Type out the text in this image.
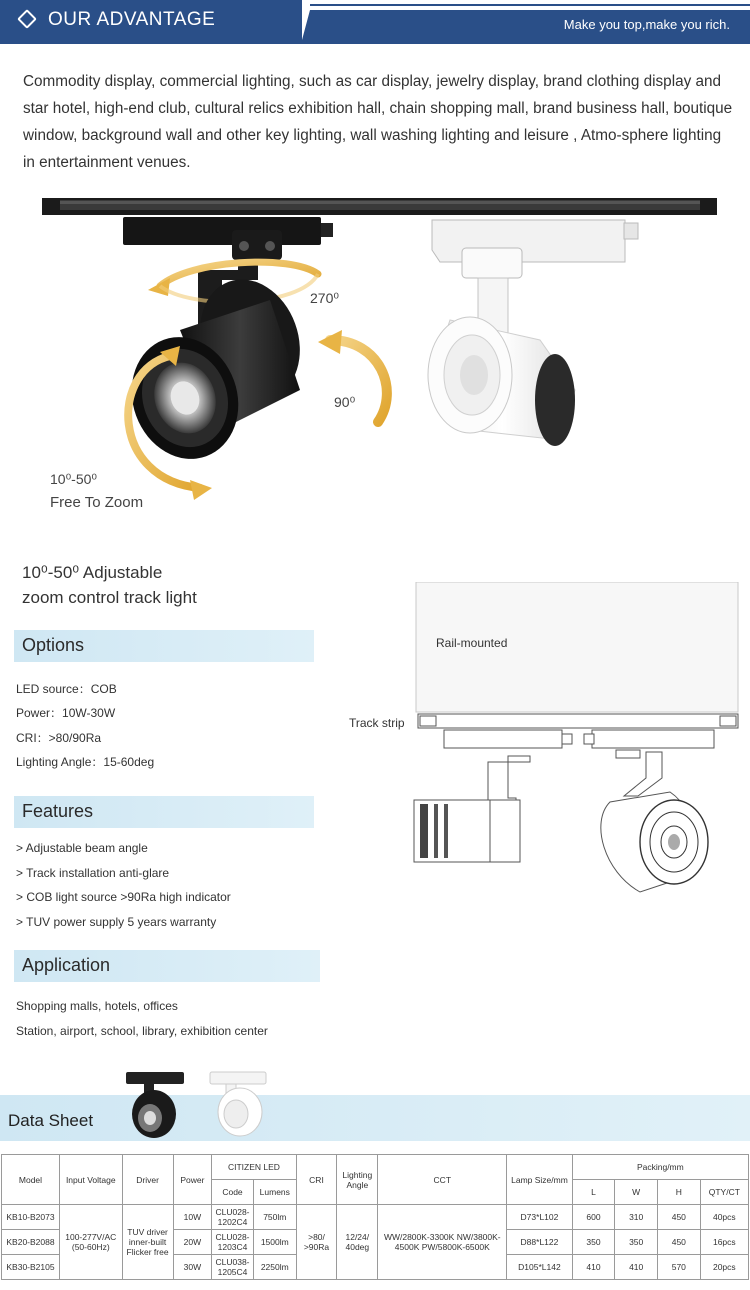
OUR ADVANTAGE	Make you top,make you rich.

Commodity display, commercial lighting, such as car display, jewelry display, brand clothing display and star hotel, high-end club, cultural relics exhibition hall, chain shopping mall, brand business hall, boutique window, background wall and other key lighting, wall washing lighting and leisure , Atmo-sphere lighting in entertainment venues.

270⁰
90⁰
10⁰-50⁰
Free To Zoom
10⁰-50⁰ Adjustable
zoom control track light
Options
LED source：COB
Power：10W-30W
CRI：>80/90Ra
Lighting Angle：15-60deg
Features
> Adjustable beam angle
> Track installation anti-glare
> COB light source >90Ra high indicator
> TUV power supply 5 years warranty
Application
Shopping malls, hotels, offices
Station, airport, school, library, exhibition center
Rail-mounted
Track strip
Data Sheet
Model	Input Voltage	Driver	Power	CITIZEN LED		CRI	Lighting Angle	CCT	Lamp Size/mm	Packing/mm			
				Code	Lumens					L	W	H	QTY/CT
KB10-B2073	100-277V/AC (50-60Hz)	TUV driver inner-built Flicker free	10W	CLU028-1202C4	750lm	>80/ >90Ra	12/24/ 40deg	WW/2800K-3300K NW/3800K-4500K PW/5800K-6500K	D73*L102	600	310	450	40pcs
KB20-B2088			20W	CLU028-1203C4	1500lm				D88*L122	350	350	450	16pcs
KB30-B2105			30W	CLU038-1205C4	2250lm				D105*L142	410	410	570	20pcs
